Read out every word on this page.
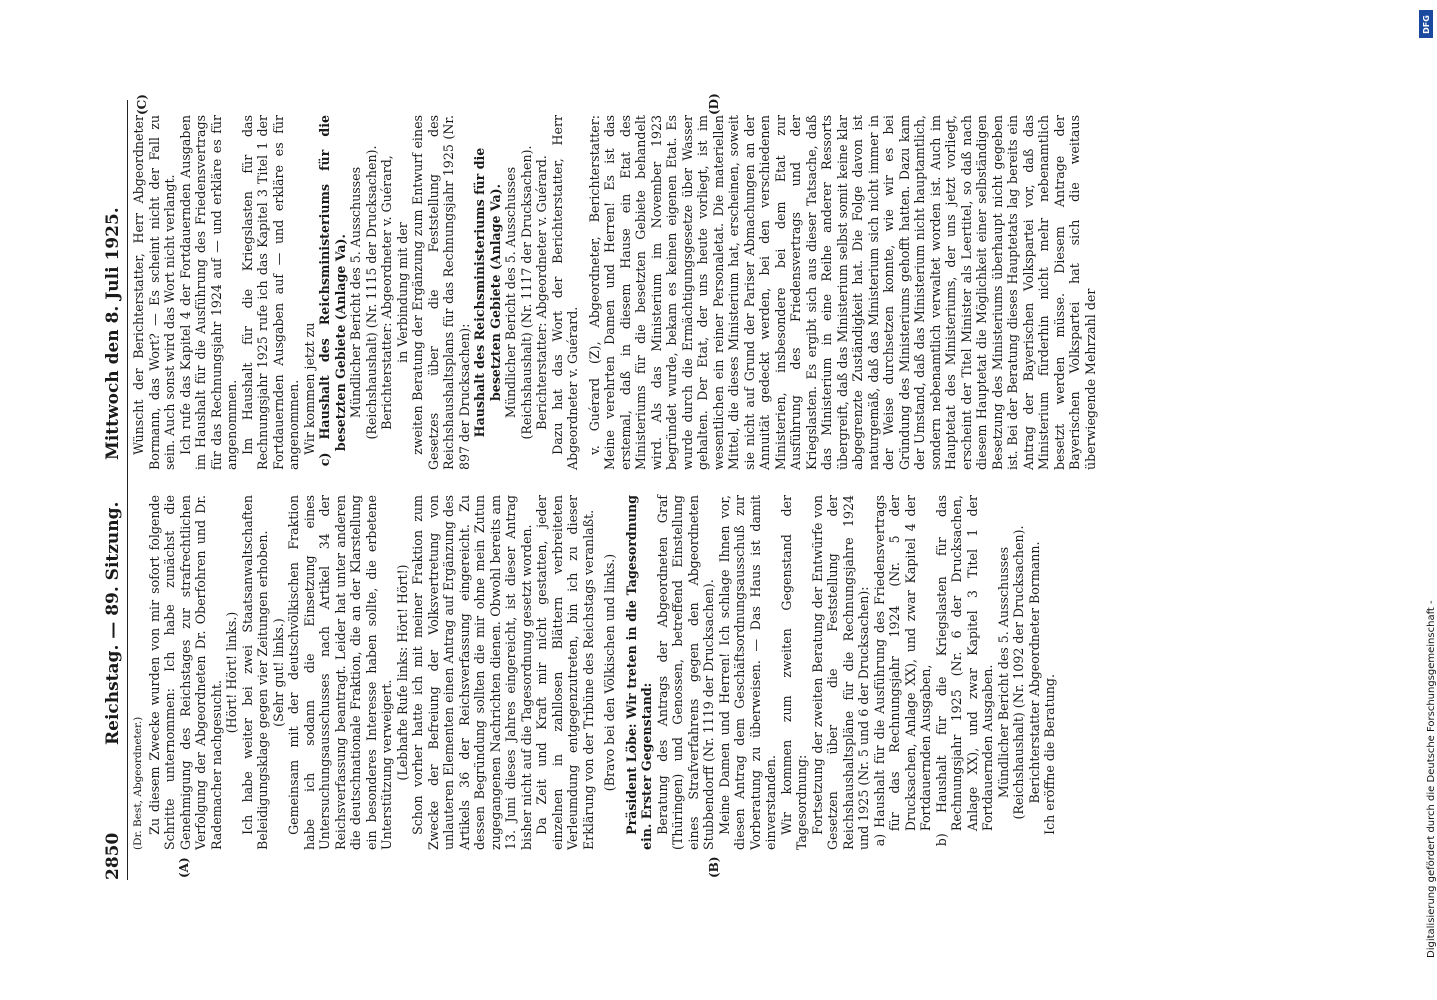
2850
Reichstag. — 89. Sitzung.
Mittwoch den 8. Juli 1925.
(A)	(B)
(C)	(D)

(Dr. Best, Abgeordneter.) Zu diesem Zwecke wurden von mir sofort folgende Schritte unternommen: Ich habe zunächst die Genehmigung des Reichstages zur strafrechtlichen Verfolgung der Abgeordneten Dr. Oberfohren und Dr. Rademacher nachgesucht.

(Hört! Hört! links.) Ich habe weiter bei zwei Staatsanwaltschaften Beleidigungsklage gegen vier Zeitungen erhoben. (Sehr gut! links.) Gemeinsam mit der deutschvölkischen Fraktion habe ich sodann die Einsetzung eines Untersuchungsausschusses nach Artikel 34 der Reichsverfassung beantragt. Leider hat unter anderen die deutschnationale Fraktion, die an der Klarstellung ein besonderes Interesse haben sollte, die erbetene Unterstützung verweigert. (Lebhafte Rufe links: Hört! Hört!) Schon vorher hatte ich mit meiner Fraktion zum Zwecke der Befreiung der Volksvertretung von unlauteren Elementen einen Antrag auf Ergänzung des Artikels 36 der Reichsverfassung eingereicht. Zu dessen Begründung sollten die mir ohne mein Zutun zugegangenen Nachrichten dienen. Obwohl bereits am 13. Juni dieses Jahres eingereicht, ist dieser Antrag bisher nicht auf die Tagesordnung gesetzt worden. Da Zeit und Kraft mir nicht gestatten, jeder einzelnen in zahllosen Blättern verbreiteten Verleumdung entgegenzutreten, bin ich zu dieser Erklärung von der Tribüne des Reichstags veranlaßt. (Bravo bei den Völkischen und links.) Präsident Löbe: Wir treten in die Tagesordnung ein. Erster Gegenstand: Beratung des Antrags der Abgeordneten Graf (Thüringen) und Genossen, betreffend Einstellung eines Strafverfahrens gegen den Abgeordneten Stubbendorff (Nr. 1119 der Drucksachen). Meine Damen und Herren! Ich schlage Ihnen vor, diesen Antrag dem Geschäftsordnungsausschuß zur Vorberatung zu überweisen. — Das Haus ist damit einverstanden. Wir kommen zum zweiten Gegenstand der Tagesordnung: Fortsetzung der zweiten Beratung der Entwürfe von Gesetzen über die Feststellung der Reichshaushaltspläne für die Rechnungsjahre 1924 und 1925 (Nr. 5 und 6 der Drucksachen): a) Haushalt für die Ausführung des Friedensvertrags für das Rechnungsjahr 1924 (Nr. 5 der Drucksachen, Anlage XX), und zwar Kapitel 4 der Fortdauernden Ausgaben, b) Haushalt für die Kriegslasten für das Rechnungsjahr 1925 (Nr. 6 der Drucksachen, Anlage XX), und zwar Kapitel 3 Titel 1 der Fortdauernden Ausgaben. Mündlicher Bericht des 5. Ausschusses (Reichshaushalt) (Nr. 1092 der Drucksachen). Berichterstatter Abgeordneter Bormann. Ich eröffne die Beratung.

Wünscht der Berichterstatter, Herr Abgeordneter Bormann, das Wort? — Es scheint nicht der Fall zu sein. Auch sonst wird das Wort nicht verlangt. Ich rufe das Kapitel 4 der Fortdauernden Ausgaben im Haushalt für die Ausführung des Friedensvertrags für das Rechnungsjahr 1924 auf — und erkläre es für angenommen. Im Haushalt für die Kriegslasten für das Rechnungsjahr 1925 rufe ich das Kapitel 3 Titel 1 der Fortdauernden Ausgaben auf — und erkläre es für angenommen. Wir kommen jetzt zu c) Haushalt des Reichsministeriums für die besetzten Gebiete (Anlage Va). Mündlicher Bericht des 5. Ausschusses (Reichshaushalt) (Nr. 1115 der Drucksachen). Berichterstatter: Abgeordneter v. Guérard, in Verbindung mit der zweiten Beratung der Ergänzung zum Entwurf eines Gesetzes über die Feststellung des Reichshaushaltsplans für das Rechnungsjahr 1925 (Nr. 897 der Drucksachen): Haushalt des Reichsministeriums für die besetzten Gebiete (Anlage Va). Mündlicher Bericht des 5. Ausschusses (Reichshaushalt) (Nr. 1117 der Drucksachen). Berichterstatter: Abgeordneter v. Guérard. Dazu hat das Wort der Berichterstatter, Herr Abgeordneter v. Guérard. v. Guérard (Z), Abgeordneter, Berichterstatter: Meine verehrten Damen und Herren! Es ist das erstemal, daß in diesem Hause ein Etat des Ministeriums für die besetzten Gebiete behandelt wird. Als das Ministerium im November 1923 begründet wurde, bekam es keinen eigenen Etat. Es wurde durch die Ermächtigungsgesetze über Wasser gehalten. Der Etat, der uns heute vorliegt, ist im wesentlichen ein reiner Personaletat. Die materiellen Mittel, die dieses Ministerium hat, erscheinen, soweit sie nicht auf Grund der Pariser Abmachungen an der Annuität gedeckt werden, bei den verschiedenen Ministerien, insbesondere bei dem Etat zur Ausführung des Friedensvertrags und der Kriegslasten. Es ergibt sich aus dieser Tatsache, daß das Ministerium in eine Reihe anderer Ressorts übergreift, daß das Ministerium selbst somit keine klar abgegrenzte Zuständigkeit hat. Die Folge davon ist naturgemäß, daß das Ministerium sich nicht immer in der Weise durchsetzen konnte, wie wir es bei Gründung des Ministeriums gehofft hatten. Dazu kam der Umstand, daß das Ministerium nicht hauptamtlich, sondern nebenamtlich verwaltet worden ist. Auch im Hauptetat des Ministeriums, der uns jetzt vorliegt, erscheint der Titel Minister als Leertitel, so daß nach diesem Hauptetat die Möglichkeit einer selbständigen Besetzung des Ministeriums überhaupt nicht gegeben ist. Bei der Beratung dieses Hauptetats lag bereits ein Antrag der Bayerischen Volkspartei vor, daß das Ministerium fürderhin nicht mehr nebenamtlich besetzt werden müsse. Diesem Antrage der Bayerischen Volkspartei hat sich die weitaus überwiegende Mehrzahl der

DFG
Digitalisierung gefördert durch die Deutsche Forschungsgemeinschaft -
